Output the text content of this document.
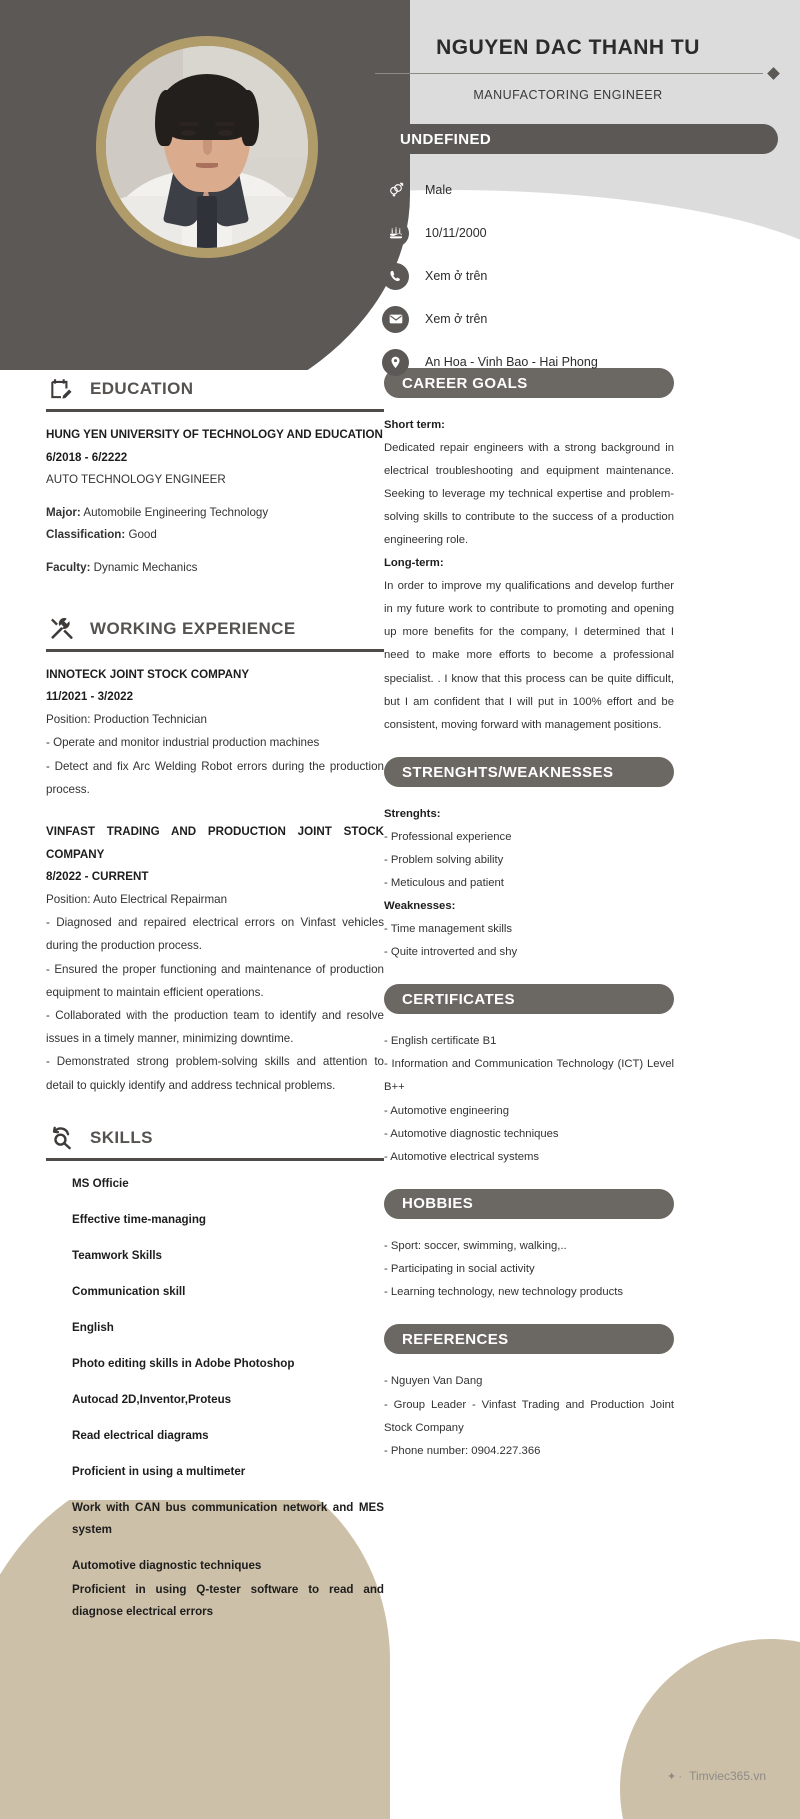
NGUYEN DAC THANH TU
MANUFACTORING ENGINEER
UNDEFINED
Male
10/11/2000
Xem ở trên
Xem ở trên
An Hoa - Vinh Bao - Hai Phong
EDUCATION
HUNG YEN UNIVERSITY OF TECHNOLOGY AND EDUCATION
6/2018 - 6/2222
AUTO TECHNOLOGY ENGINEER
Major: Automobile Engineering Technology
Classification: Good
Faculty: Dynamic Mechanics
WORKING EXPERIENCE
INNOTECK JOINT STOCK COMPANY
11/2021 - 3/2022
Position: Production Technician
- Operate and monitor industrial production machines
- Detect and fix Arc Welding Robot errors during the production process.
VINFAST TRADING AND PRODUCTION JOINT STOCK COMPANY
8/2022 - CURRENT
Position: Auto Electrical Repairman
- Diagnosed and repaired electrical errors on Vinfast vehicles during the production process.
- Ensured the proper functioning and maintenance of production equipment to maintain efficient operations.
- Collaborated with the production team to identify and resolve issues in a timely manner, minimizing downtime.
- Demonstrated strong problem-solving skills and attention to detail to quickly identify and address technical problems.
SKILLS
MS Officie
Effective time-managing
Teamwork Skills
Communication skill
English
Photo editing skills in Adobe Photoshop
Autocad 2D,Inventor,Proteus
Read electrical diagrams
Proficient in using a multimeter
Work with CAN bus communication network and MES system
Automotive diagnostic techniques
Proficient in using Q-tester software to read and diagnose electrical errors
CAREER GOALS
Short term:
Dedicated repair engineers with a strong background in electrical troubleshooting and equipment maintenance. Seeking to leverage my technical expertise and problem-solving skills to contribute to the success of a production engineering role.
Long-term:
In order to improve my qualifications and develop further in my future work to contribute to promoting and opening up more benefits for the company, I determined that I need to make more efforts to become a professional specialist. . I know that this process can be quite difficult, but I am confident that I will put in 100% effort and be consistent, moving forward with management positions.
STRENGHTS/WEAKNESSES
Strenghts:
- Professional experience
- Problem solving ability
- Meticulous and patient
Weaknesses:
- Time management skills
- Quite introverted and shy
CERTIFICATES
- English certificate B1
- Information and Communication Technology (ICT) Level B++
- Automotive engineering
- Automotive diagnostic techniques
- Automotive electrical systems
HOBBIES
- Sport: soccer, swimming, walking,..
- Participating in social activity
- Learning technology, new technology products
REFERENCES
- Nguyen Van Dang
- Group Leader - Vinfast Trading and Production Joint Stock Company
- Phone number: 0904.227.366
✦ · Timviec365.vn
